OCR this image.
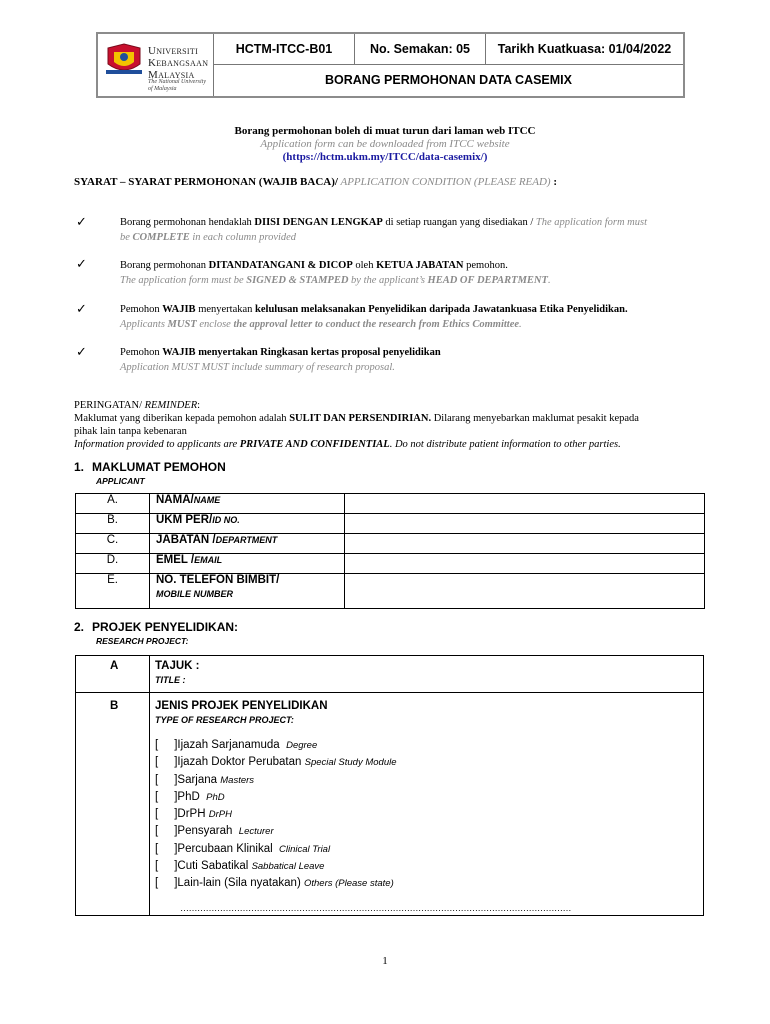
Universiti
Kebangsaan
Malaysia
The National University
of Malaysia
HCTM-ITCC-B01	No. Semakan: 05	Tarikh Kuatkuasa: 01/04/2022
BORANG PERMOHONAN DATA CASEMIX
Borang permohonan boleh di muat turun dari laman web ITCC
Application form can be downloaded from ITCC website
(https://hctm.ukm.my/ITCC/data-casemix/)
SYARAT – SYARAT PERMOHONAN (WAJIB BACA)/ APPLICATION CONDITION (PLEASE READ) :
✓	Borang permohonan hendaklah DIISI DENGAN LENGKAP di setiap ruangan yang disediakan / The application form must
be COMPLETE in each column provided
✓	Borang permohonan DITANDATANGANI & DICOP oleh KETUA JABATAN pemohon.
The application form must be SIGNED & STAMPED by the applicant’s HEAD OF DEPARTMENT.
✓	Pemohon WAJIB menyertakan kelulusan melaksanakan Penyelidikan daripada Jawatankuasa Etika Penyelidikan.
Applicants MUST enclose the approval letter to conduct the research from Ethics Committee.
✓	Pemohon WAJIB menyertakan Ringkasan kertas proposal penyelidikan
Application MUST MUST include summary of research proposal.
PERINGATAN/ REMINDER:
Maklumat yang diberikan kepada pemohon adalah SULIT DAN PERSENDIRIAN. Dilarang menyebarkan maklumat pesakit kepada
pihak lain tanpa kebenaran
Information provided to applicants are PRIVATE AND CONFIDENTIAL. Do not distribute patient information to other parties.
1. MAKLUMAT PEMOHON
APPLICANT
A.	NAMA/NAME	
B.	UKM PER/ID NO.	
C.	JABATAN /DEPARTMENT	
D.	EMEL /EMAIL	
E.	NO. TELEFON BIMBIT/
MOBILE NUMBER	

2. PROJEK PENYELIDIKAN:
RESEARCH PROJECT:
A	TAJUK :
TITLE :
B	JENIS PROJEK PENYELIDIKAN
TYPE OF RESEARCH PROJECT:
[ ]Ijazah Sarjanamuda Degree
[ ]Ijazah Doktor Perubatan Special Study Module
[ ]Sarjana Masters
[ ]PhD PhD
[ ]DrPH DrPH
[ ]Pensyarah Lecturer
[ ]Percubaan Klinikal Clinical Trial
[ ]Cuti Sabatikal Sabbatical Leave
[ ]Lain-lain (Sila nyatakan) Others (Please state)
…………………………………………………………………………………………………………………………
1
